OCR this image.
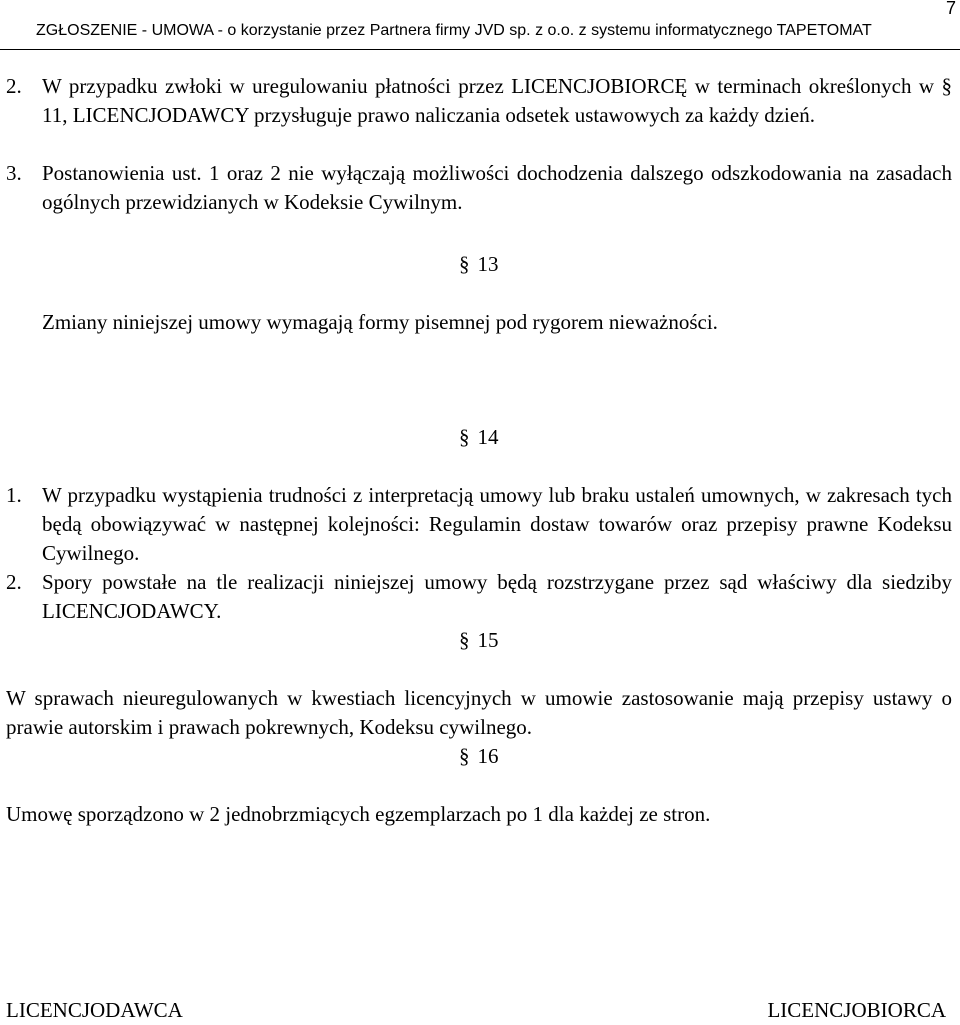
ZGŁOSZENIE - UMOWA - o korzystanie przez Partnera firmy JVD sp. z o.o. z systemu informatycznego TAPETOMAT
7
2. W przypadku zwłoki w uregulowaniu płatności przez LICENCJOBIORCĘ w terminach określonych w § 11, LICENCJODAWCY przysługuje prawo naliczania odsetek ustawowych za każdy dzień.
3. Postanowienia ust. 1 oraz 2 nie wyłączają możliwości dochodzenia dalszego odszkodowania na zasadach ogólnych przewidzianych w Kodeksie Cywilnym.
§ 13
Zmiany niniejszej umowy wymagają formy pisemnej pod rygorem nieważności.
§ 14
1. W przypadku wystąpienia trudności z interpretacją umowy lub braku ustaleń umownych, w zakresach tych będą obowiązywać w następnej kolejności: Regulamin dostaw towarów oraz przepisy prawne Kodeksu Cywilnego.
2. Spory powstałe na tle realizacji niniejszej umowy będą rozstrzygane przez sąd właściwy dla siedziby LICENCJODAWCY.
§ 15
W sprawach nieuregulowanych w kwestiach licencyjnych w umowie zastosowanie mają przepisy ustawy o prawie autorskim i prawach pokrewnych, Kodeksu cywilnego.
§ 16
Umowę sporządzono w 2 jednobrzmiących egzemplarzach po 1 dla każdej ze stron.
LICENCJODAWCA	LICENCJOBIORCA
